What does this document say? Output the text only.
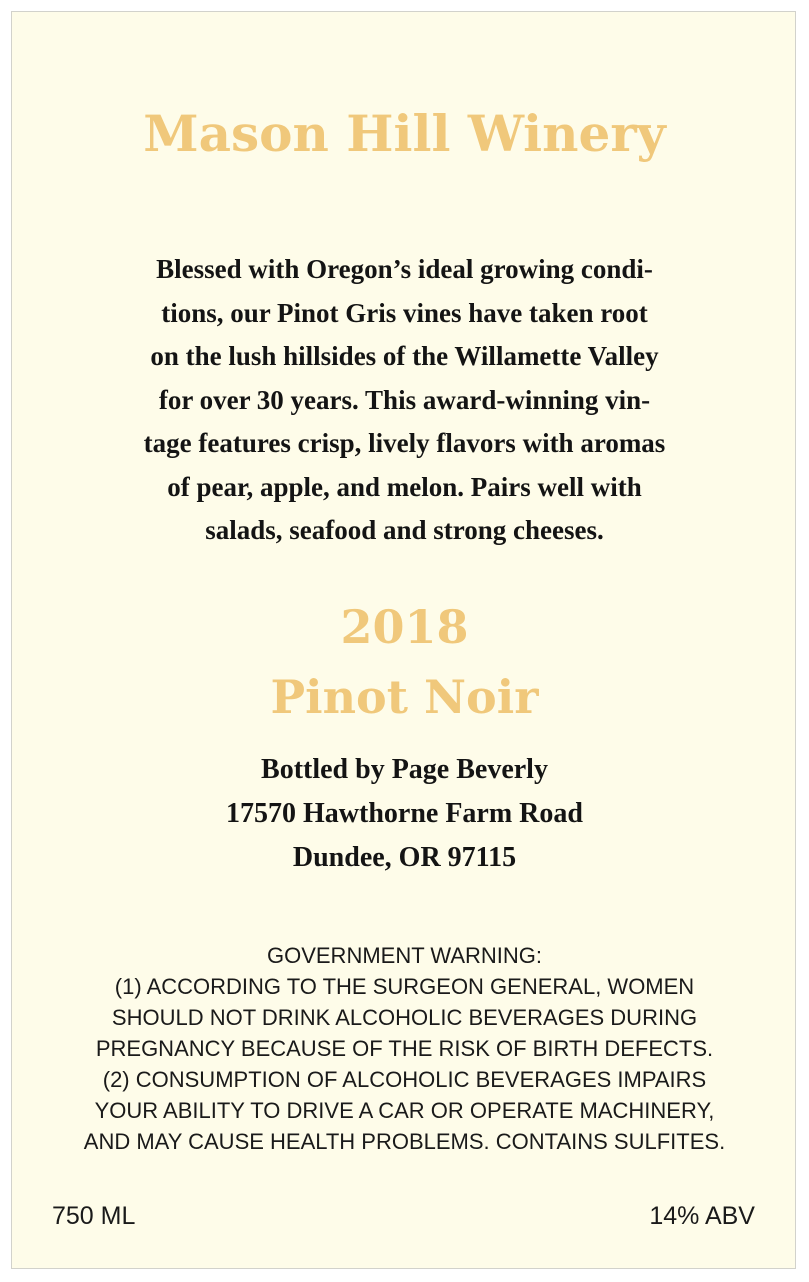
Mason Hill Winery

Blessed with Oregon’s ideal growing condi-
tions, our Pinot Gris vines have taken root
on the lush hillsides of the Willamette Valley
for over 30 years. This award-winning vin-
tage features crisp, lively flavors with aromas
of pear, apple, and melon. Pairs well with
salads, seafood and strong cheeses.

2018
Pinot Noir
Bottled by Page Beverly
17570 Hawthorne Farm Road
Dundee, OR 97115
GOVERNMENT WARNING:
(1) ACCORDING TO THE SURGEON GENERAL, WOMEN
SHOULD NOT DRINK ALCOHOLIC BEVERAGES DURING
PREGNANCY BECAUSE OF THE RISK OF BIRTH DEFECTS.
(2) CONSUMPTION OF ALCOHOLIC BEVERAGES IMPAIRS
YOUR ABILITY TO DRIVE A CAR OR OPERATE MACHINERY,
AND MAY CAUSE HEALTH PROBLEMS. CONTAINS SULFITES.
750 ML	14% ABV
